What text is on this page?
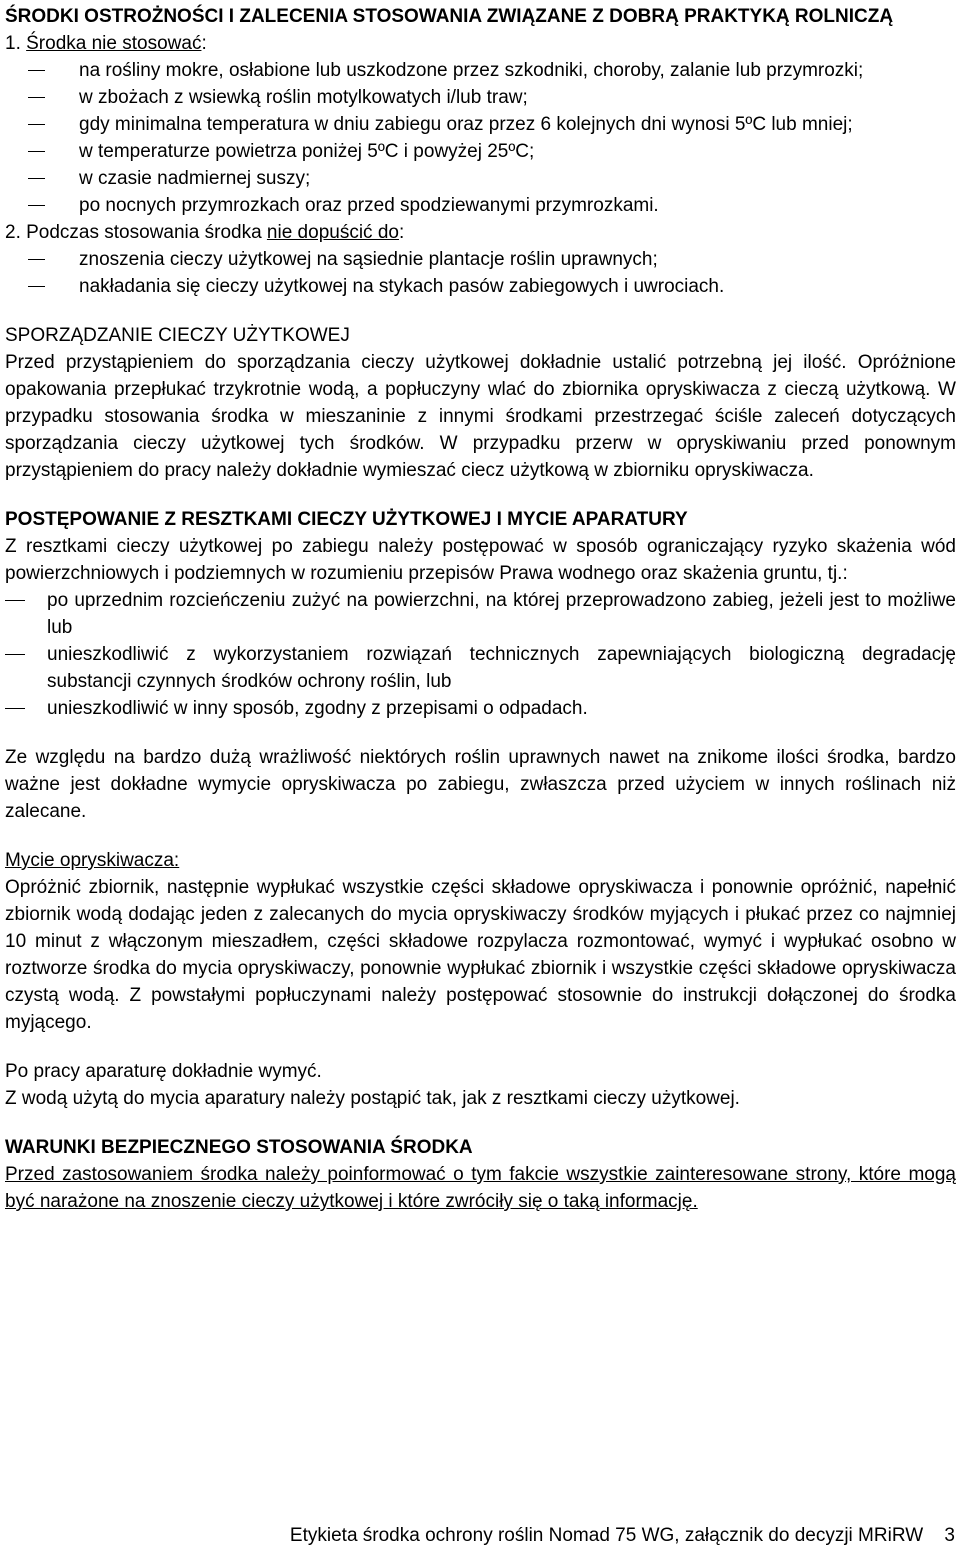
ŚRODKI OSTROŻNOŚCI I ZALECENIA STOSOWANIA ZWIĄZANE Z DOBRĄ PRAKTYKĄ ROLNICZĄ

1. Środka nie stosować:

na rośliny mokre, osłabione lub uszkodzone przez szkodniki, choroby, zalanie lub przymrozki;
w zbożach z wsiewką roślin motylkowatych i/lub traw;
gdy minimalna temperatura w dniu zabiegu oraz przez 6 kolejnych dni wynosi 5ºC lub mniej;
w temperaturze powietrza poniżej 5ºC i powyżej 25ºC;
w czasie nadmiernej suszy;
po nocnych przymrozkach oraz przed spodziewanymi przymrozkami.

2. Podczas stosowania środka nie dopuścić do:

znoszenia cieczy użytkowej na sąsiednie plantacje roślin uprawnych;
nakładania się cieczy użytkowej na stykach pasów zabiegowych i uwrociach.

SPORZĄDZANIE CIECZY UŻYTKOWEJ

Przed przystąpieniem do sporządzania cieczy użytkowej dokładnie ustalić potrzebną jej ilość. Opróżnione opakowania przepłukać trzykrotnie wodą, a popłuczyny wlać do zbiornika opryskiwacza z cieczą użytkową. W przypadku stosowania środka w mieszaninie z innymi środkami przestrzegać ściśle zaleceń dotyczących sporządzania cieczy użytkowej tych środków. W przypadku przerw w opryskiwaniu przed ponownym przystąpieniem do pracy należy dokładnie wymieszać ciecz użytkową w zbiorniku opryskiwacza.

POSTĘPOWANIE Z RESZTKAMI CIECZY UŻYTKOWEJ I MYCIE APARATURY

Z resztkami cieczy użytkowej po zabiegu należy postępować w sposób ograniczający ryzyko skażenia wód powierzchniowych i podziemnych w rozumieniu przepisów Prawa wodnego oraz skażenia gruntu, tj.:

po uprzednim rozcieńczeniu zużyć na powierzchni, na której przeprowadzono zabieg, jeżeli jest to możliwe lub
unieszkodliwić z wykorzystaniem rozwiązań technicznych zapewniających biologiczną degradację substancji czynnych środków ochrony roślin, lub
unieszkodliwić w inny sposób, zgodny z przepisami o odpadach.

Ze względu na bardzo dużą wrażliwość niektórych roślin uprawnych nawet na znikome ilości środka, bardzo ważne jest dokładne wymycie opryskiwacza po zabiegu, zwłaszcza przed użyciem w innych roślinach niż zalecane.

Mycie opryskiwacza:

Opróżnić zbiornik, następnie wypłukać wszystkie części składowe opryskiwacza i ponownie opróżnić, napełnić zbiornik wodą dodając jeden z zalecanych do mycia opryskiwaczy środków myjących i płukać przez co najmniej 10 minut z włączonym mieszadłem, części składowe rozpylacza rozmontować, wymyć i wypłukać osobno w roztworze środka do mycia opryskiwaczy, ponownie wypłukać zbiornik i wszystkie części składowe opryskiwacza czystą wodą. Z powstałymi popłuczynami należy postępować stosownie do instrukcji dołączonej do środka myjącego.

Po pracy aparaturę dokładnie wymyć.

Z wodą użytą do mycia aparatury należy postąpić tak, jak z resztkami cieczy użytkowej.

WARUNKI BEZPIECZNEGO STOSOWANIA ŚRODKA

Przed zastosowaniem środka należy poinformować o tym fakcie wszystkie zainteresowane strony, które mogą być narażone na znoszenie cieczy użytkowej i które zwróciły się o taką informację.

Etykieta środka ochrony roślin Nomad 75 WG, załącznik do decyzji MRiRW 3
